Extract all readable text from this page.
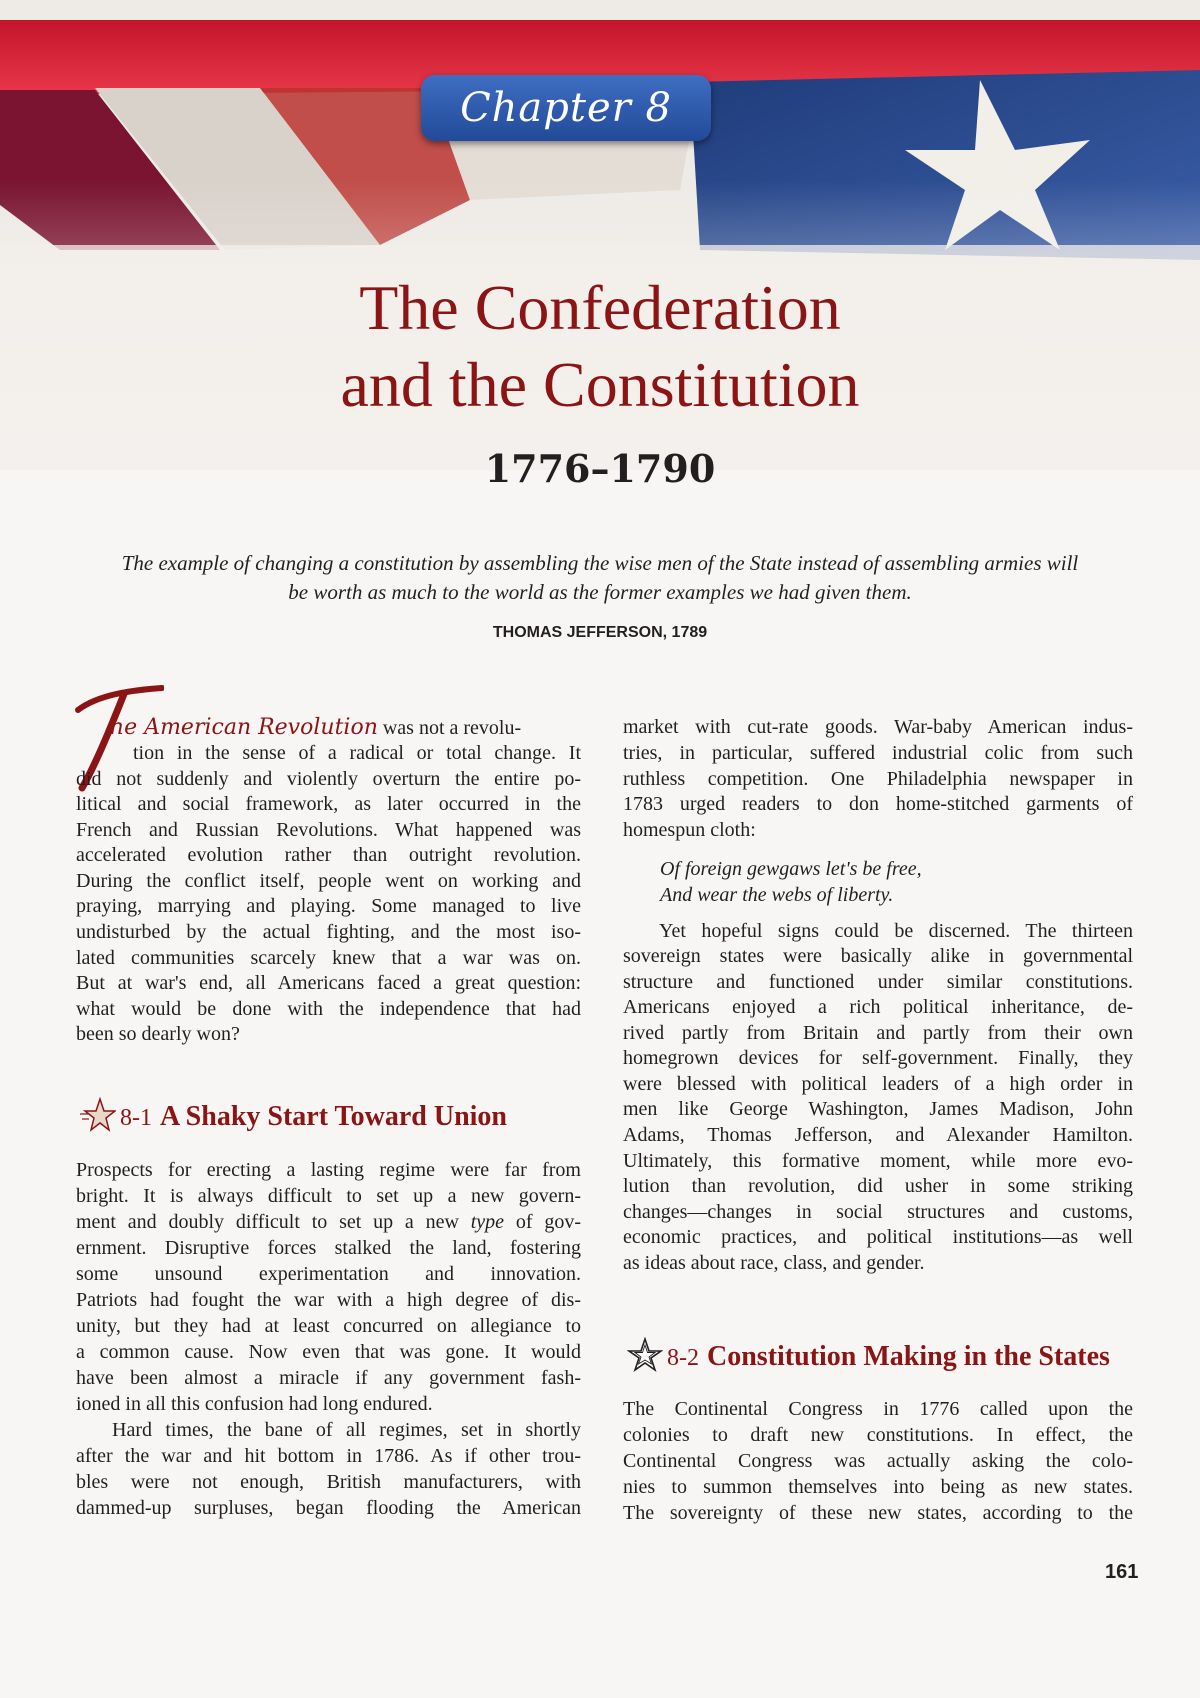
Chapter 8
The Confederation
and the Constitution
1776–1790
The example of changing a constitution by assembling the wise men of the State instead of assembling armies will
be worth as much to the world as the former examples we had given them.
THOMAS JEFFERSON, 1789
T
he American Revolution was not a revolu-
tion in the sense of a radical or total change. It
did not suddenly and violently overturn the entire po-
litical and social framework, as later occurred in the
French and Russian Revolutions. What happened was
accelerated evolution rather than outright revolution.
During the conflict itself, people went on working and
praying, marrying and playing. Some managed to live
undisturbed by the actual fighting, and the most iso-
lated communities scarcely knew that a war was on.
But at war's end, all Americans faced a great question:
what would be done with the independence that had
been so dearly won?
8-1 A Shaky Start Toward Union
Prospects for erecting a lasting regime were far from
bright. It is always difficult to set up a new govern-
ment and doubly difficult to set up a new type of gov-
ernment. Disruptive forces stalked the land, fostering
some unsound experimentation and innovation.
Patriots had fought the war with a high degree of dis-
unity, but they had at least concurred on allegiance to
a common cause. Now even that was gone. It would
have been almost a miracle if any government fash-
ioned in all this confusion had long endured.
Hard times, the bane of all regimes, set in shortly
after the war and hit bottom in 1786. As if other trou-
bles were not enough, British manufacturers, with
dammed-up surpluses, began flooding the American
market with cut-rate goods. War-baby American indus-
tries, in particular, suffered industrial colic from such
ruthless competition. One Philadelphia newspaper in
1783 urged readers to don home-stitched garments of
homespun cloth:
Of foreign gewgaws let's be free,
And wear the webs of liberty.
Yet hopeful signs could be discerned. The thirteen
sovereign states were basically alike in governmental
structure and functioned under similar constitutions.
Americans enjoyed a rich political inheritance, de-
rived partly from Britain and partly from their own
homegrown devices for self-government. Finally, they
were blessed with political leaders of a high order in
men like George Washington, James Madison, John
Adams, Thomas Jefferson, and Alexander Hamilton.
Ultimately, this formative moment, while more evo-
lution than revolution, did usher in some striking
changes—changes in social structures and customs,
economic practices, and political institutions—as well
as ideas about race, class, and gender.
8-2 Constitution Making in the States
The Continental Congress in 1776 called upon the
colonies to draft new constitutions. In effect, the
Continental Congress was actually asking the colo-
nies to summon themselves into being as new states.
The sovereignty of these new states, according to the
161
